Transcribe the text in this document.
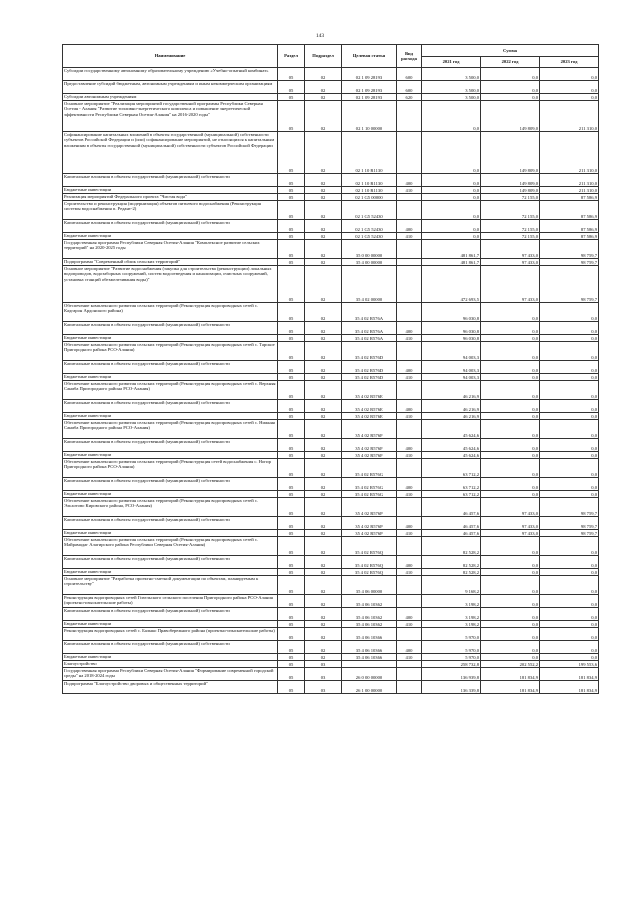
143
Наименование	Раздел	Подраздел	Целевая статья	Вид расхода	Сумма		
					2021 год	2022 год	2023 год
Субсидии государственному автономному образовательному учреждению «Учебно-опытный комбинат»	05	02	02 1 09 28193	600	3 500,0	0,0	0,0
Предоставление субсидий бюджетным, автономным учреждениям и иным некоммерческим организациям	05	02	02 1 09 28193	600	3 500,0	0,0	0,0
Субсидии автономным учреждениям	05	02	02 1 09 28193	620	3 500,0	0,0	0,0
Основное мероприятие "Реализация мероприятий государственной программы Республики Северная Осетия - Алания "Развитие топливно-энергетического комплекса и повышение энергетической эффективности Республики Северная Осетия-Алания" на 2016-2020 годы"	05	02	02 1 10 00000		0,0	149 809,0	211 310,0
Софинансирование капитальных вложений в объекты государственной (муниципальной) собственности субъектов Российской Федерации и (или) софинансирование мероприятий, не относящихся к капитальным вложениям в объекты государственной (муниципальной) собственности субъектов Российской Федерации	05	02	02 1 10 R1130		0,0	149 809,0	211 310,0
Капитальные вложения в объекты государственной (муниципальной) собственности	05	02	02 1 10 R1130	400	0,0	149 809,0	211 310,0
Бюджетные инвестиции	05	02	02 1 10 R1130	410	0,0	149 809,0	211 310,0
Реализация мероприятий Федерального проекта "Чистая вода"	05	02	02 1 G5 00000		0,0	72 155,0	87 586,9
Строительство и реконструкция (модернизация) объектов питьевого водоснабжения (Реконструкция системы водоснабжения п. Редант-2)	05	02	02 1 G5 52430		0,0	72 155,0	87 586,9
Капитальные вложения в объекты государственной (муниципальной) собственности	05	02	02 1 G5 52430	400	0,0	72 155,0	87 586,9
Бюджетные инвестиции	05	02	02 1 G5 52430	410	0,0	72 155,0	87 586,9
Государственная программа Республики Северная Осетия-Алания "Комплексное развитие сельских территорий" на 2020-2025 годы	05	02	35 0 00 00000		481 861,7	97 433,0	98 759,7
Подпрограмма "Современный облик сельских территорий"	05	02	35 4 00 00000		481 861,7	97 433,0	98 759,7
Основное мероприятие "Развитие водоснабжения (закупка для строительства (реконструкции) локальных водопроводов, водозаборных сооружений, систем водоотведения и канализации, очистных сооружений, установка станций обезжелезивания воды)"	05	02	35 4 02 00000		472 693,5	97 433,0	98 759,7
Обеспечение комплексного развития сельских территорий (Реконструкция водопроводных сетей с. Кадгарон Ардонского района)	05	02	35 4 02 R576A		96 030,8	0,0	0,0
Капитальные вложения в объекты государственной (муниципальной) собственности	05	02	35 4 02 R576A	400	96 030,8	0,0	0,0
Бюджетные инвестиции	05	02	35 4 02 R576A	410	96 030,8	0,0	0,0
Обеспечение комплексного развития сельских территорий (Реконструкция водопроводных сетей с. Тарское Пригородного района РСО-Алания)	05	02	35 4 02 R576D		94 003,3	0,0	0,0
Капитальные вложения в объекты государственной (муниципальной) собственности	05	02	35 4 02 R576D	400	94 003,3	0,0	0,0
Бюджетные инвестиции	05	02	35 4 02 R576D	410	94 003,3	0,0	0,0
Обеспечение комплексного развития сельских территорий (Реконструкция водопроводных сетей с. Верхняя Саниба Пригородного района РСО-Алания)	05	02	35 4 02 R576E		46 216,9	0,0	0,0
Капитальные вложения в объекты государственной (муниципальной) собственности	05	02	35 4 02 R576E	400	46 216,9	0,0	0,0
Бюджетные инвестиции	05	02	35 4 02 R576E	410	46 216,9	0,0	0,0
Обеспечение комплексного развития сельских территорий (Реконструкция водопроводных сетей с. Нижняя Саниба Пригородного района РСО-Алания)	05	02	35 4 02 R576F		45 624,6	0,0	0,0
Капитальные вложения в объекты государственной (муниципальной) собственности	05	02	35 4 02 R576F	400	45 624,6	0,0	0,0
Бюджетные инвестиции	05	02	35 4 02 R576F	410	45 624,6	0,0	0,0
Обеспечение комплексного развития сельских территорий (Реконструкция сетей водоснабжения с. Ногир Пригородного района РСО-Алания)	05	02	35 4 02 R576G		63 712,2	0,0	0,0
Капитальные вложения в объекты государственной (муниципальной) собственности	05	02	35 4 02 R576G	400	63 712,2	0,0	0,0
Бюджетные инвестиции	05	02	35 4 02 R576G	410	63 712,2	0,0	0,0
Обеспечение комплексного развития сельских территорий (Реконструкция водопроводных сетей с. Эльхотово Кировского района, РСО-Алания)	05	02	35 4 02 R576P		46 457,6	97 433,0	98 759,7
Капитальные вложения в объекты государственной (муниципальной) собственности	05	02	35 4 02 R576P	400	46 457,6	97 433,0	98 759,7
Бюджетные инвестиции	05	02	35 4 02 R576P	410	46 457,6	97 433,0	98 759,7
Обеспечение комплексного развития сельских территорий (Реконструкция водопроводных сетей с. Майрамадаг Алагирского района Республики Северная Осетия-Алания)	05	02	35 4 02 R576Q		82 528,2	0,0	0,0
Капитальные вложения в объекты государственной (муниципальной) собственности	05	02	35 4 02 R576Q	400	82 528,2	0,0	0,0
Бюджетные инвестиции	05	02	35 4 02 R576Q	410	82 528,2	0,0	0,0
Основное мероприятие "Разработка проектно-сметной документации по объектам, планируемым к строительству"	05	02	35 4 06 00000		9 168,2	0,0	0,0
Реконструкция водопроводных сетей Гизельского сельского поселения Пригородного района РСО-Алания (проектно-изыскательские работы)	05	02	35 4 06 10362		3 198,2	0,0	0,0
Капитальные вложения в объекты государственной (муниципальной) собственности	05	02	35 4 06 10362	400	3 198,2	0,0	0,0
Бюджетные инвестиции	05	02	35 4 06 10362	410	3 198,2	0,0	0,0
Реконструкция водопроводных сетей с. Балыко Правобережного района (проектно-изыскательские работы)	05	02	35 4 06 10366		5 970,0	0,0	0,0
Капитальные вложения в объекты государственной (муниципальной) собственности	05	02	35 4 06 10366	400	5 970,0	0,0	0,0
Бюджетные инвестиции	05	02	35 4 06 10366	410	5 970,0	0,0	0,0
Благоустройство	05	03			258 732,8	202 552,2	199 553,6
Государственная программа Республики Северная Осетия-Алания "Формирование современной городской среды" на 2018-2024 годы	05	03	26 0 00 00000		136 939,8	181 834,9	181 834,9
Подпрограмма "Благоустройство дворовых и общественных территорий"	05	03	26 1 00 00000		136 339,8	181 834,9	181 834,9
